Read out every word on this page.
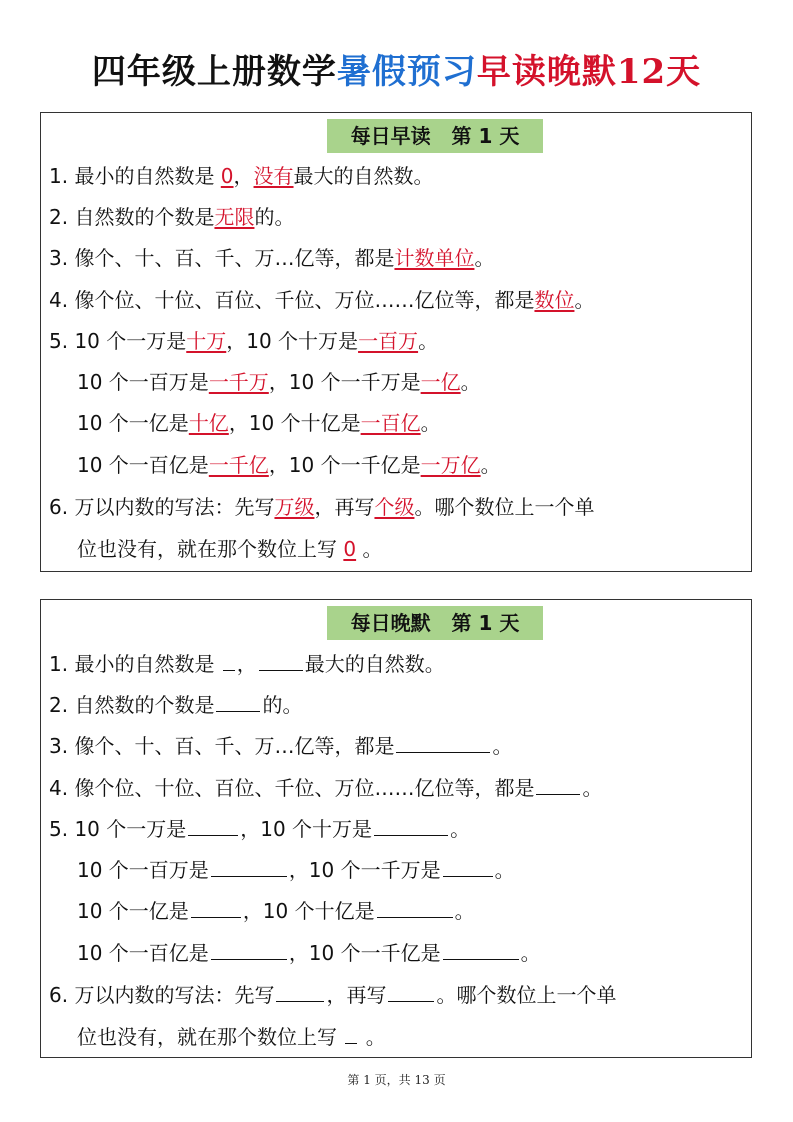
四年级上册数学暑假预习早读晚默12天
每日早读   第 1 天
1. 最小的自然数是 0，没有最大的自然数。
2. 自然数的个数是无限的。
3. 像个、十、百、千、万…亿等，都是计数单位。
4. 像个位、十位、百位、千位、万位……亿位等，都是数位。
5. 10 个一万是十万，10 个十万是一百万。
10 个一百万是一千万，10 个一千万是一亿。
10 个一亿是十亿，10 个十亿是一百亿。
10 个一百亿是一千亿，10 个一千亿是一万亿。
6. 万以内数的写法：先写万级，再写个级。哪个数位上一个单
位也没有，就在那个数位上写 0 。
每日晚默   第 1 天
1. 最小的自然数是 ， 最大的自然数。
2. 自然数的个数是 的。
3. 像个、十、百、千、万…亿等，都是	。
4. 像个位、十位、百位、千位、万位……亿位等，都是 。
5. 10 个一万是	，10 个十万是	。
10 个一百万是	，10 个一千万是	。
10 个一亿是	，10 个十亿是	。
10 个一百亿是	，10 个一千亿是	。
6. 万以内数的写法：先写	，再写	。哪个数位上一个单
位也没有，就在那个数位上写  。
第 1 页，共 13 页
